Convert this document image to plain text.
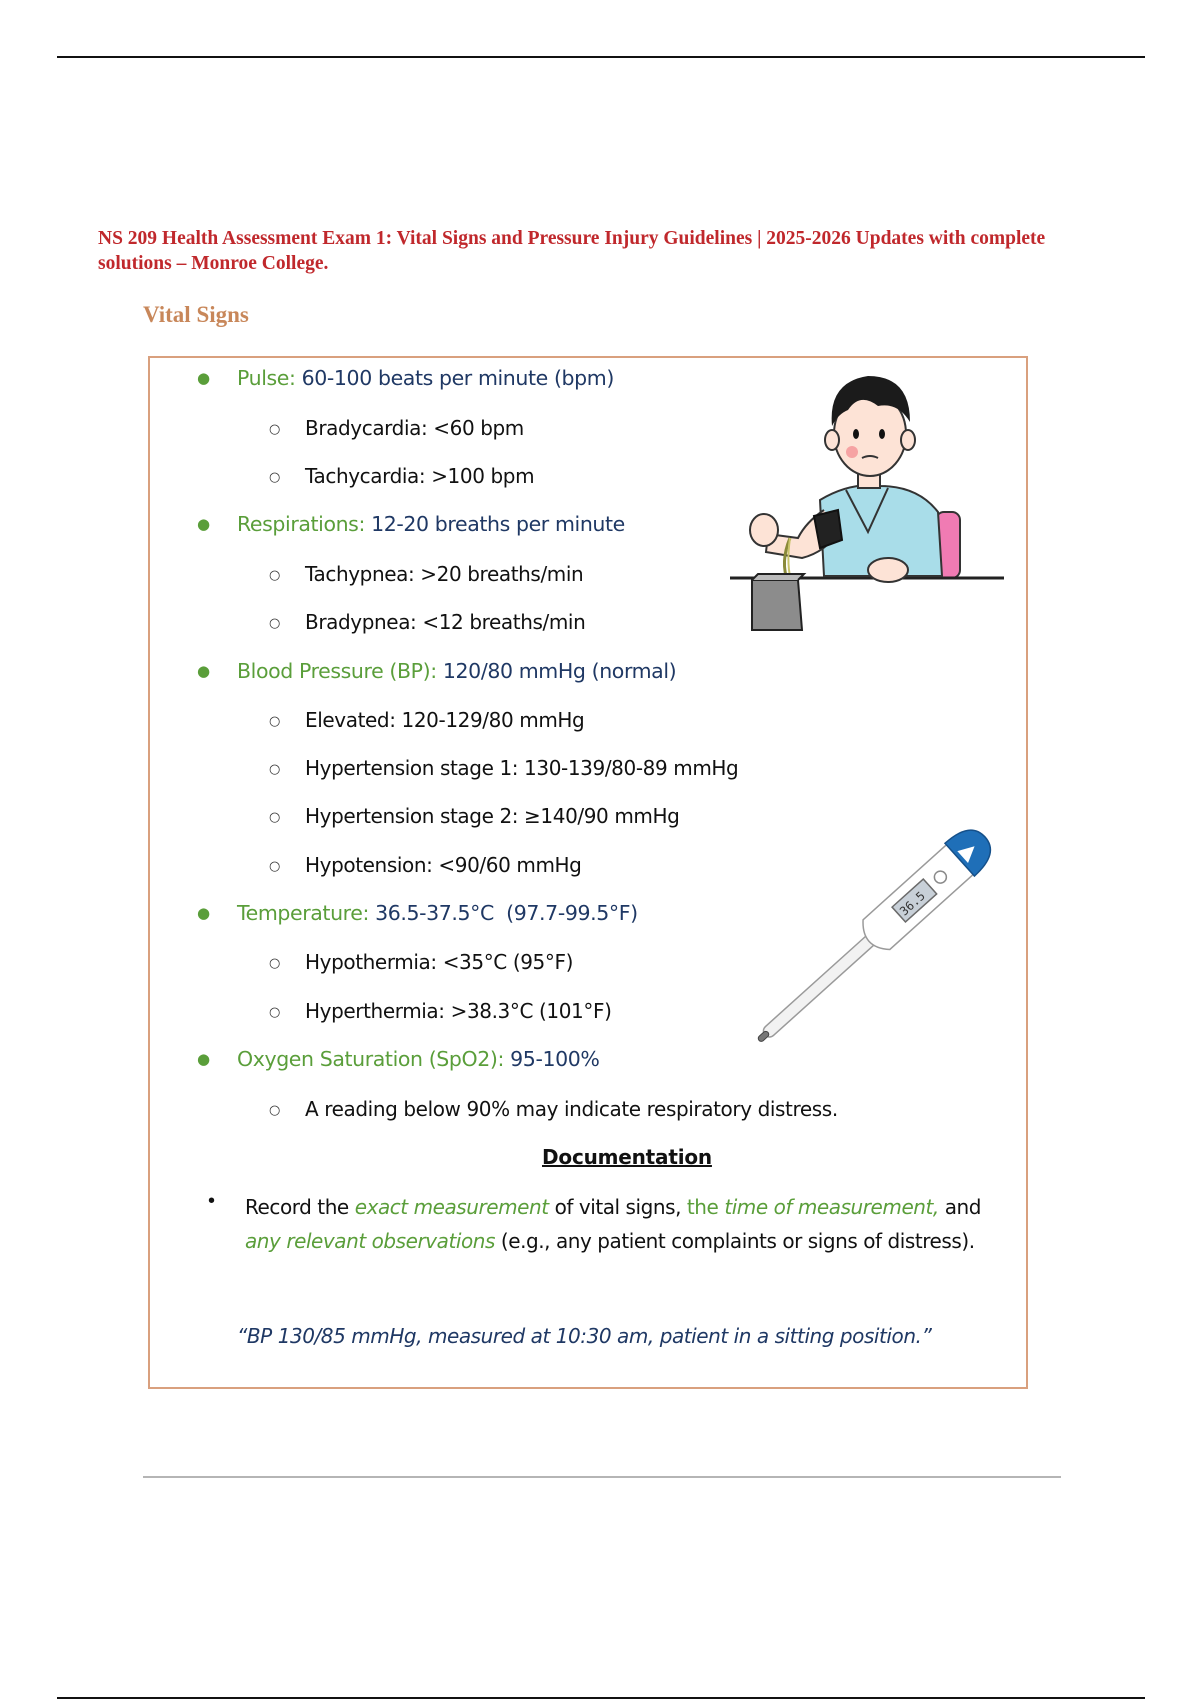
NS 209 Health Assessment Exam 1: Vital Signs and Pressure Injury Guidelines | 2025-2026 Updates with complete solutions – Monroe College.

Vital Signs

● Pulse: 60-100 beats per minute (bpm)

○ Bradycardia: <60 bpm

○ Tachycardia: >100 bpm

● Respirations: 12-20 breaths per minute

○ Tachypnea: >20 breaths/min

○ Bradypnea: <12 breaths/min

● Blood Pressure (BP): 120/80 mmHg (normal)

○ Elevated: 120-129/80 mmHg

○ Hypertension stage 1: 130-139/80-89 mmHg

○ Hypertension stage 2: ≥140/90 mmHg

○ Hypotension: <90/60 mmHg

● Temperature: 36.5-37.5°C  (97.7-99.5°F)

○ Hypothermia: <35°C (95°F)

○ Hyperthermia: >38.3°C (101°F)

● Oxygen Saturation (SpO2): 95-100%

○ A reading below 90% may indicate respiratory distress.

Documentation

• Record the exact measurement of vital signs, the time of measurement, and any relevant observations (e.g., any patient complaints or signs of distress).

“BP 130/85 mmHg, measured at 10:30 am, patient in a sitting position.”

36.5
